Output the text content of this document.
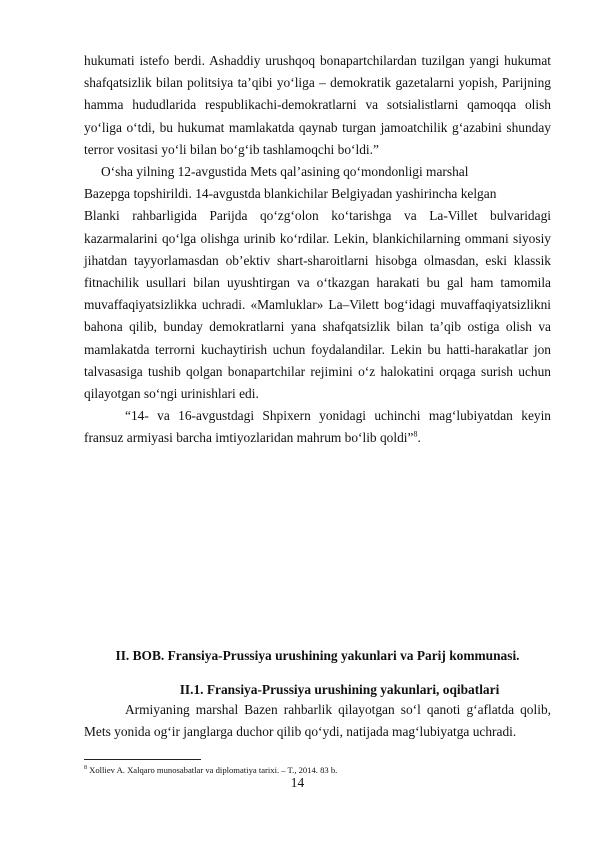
hukumati istefo berdi. Ashaddiy urushqoq bonapartchilardan tuzilgan yangi hukumat shafqatsizlik bilan politsiya ta’qibi yo‘liga – demokratik gazetalarni yopish, Parijning hamma hududlarida respublikachi-demokratlarni va sotsialistlarni qamoqqa olish yo‘liga o‘tdi, bu hukumat mamlakatda qaynab turgan jamoatchilik g‘azabini shunday terror vositasi yo‘li bilan bo‘g‘ib tashlamoqchi bo‘ldi.”

O‘sha yilning 12-avgustida Mets qal’asining qo‘mondonligi marshal

Bazepga topshirildi. 14-avgustda blankichilar Belgiyadan yashirincha kelgan

Blanki rahbarligida Parijda qo‘zg‘olon ko‘tarishga va La-Villet bulvaridagi kazarmalarini qo‘lga olishga urinib ko‘rdilar. Lekin, blankichilarning ommani siyosiy jihatdan tayyorlamasdan ob’ektiv shart-sharoitlarni hisobga olmasdan, eski klassik fitnachilik usullari bilan uyushtirgan va o‘tkazgan harakati bu gal ham tamomila muvaffaqiyatsizlikka uchradi. «Mamluklar» La–Vilett bog‘idagi muvaffaqiyatsizlikni bahona qilib, bunday demokratlarni yana shafqatsizlik bilan ta’qib ostiga olish va mamlakatda terrorni kuchaytirish uchun foydalandilar. Lekin bu hatti-harakatlar jon talvasasiga tushib qolgan bonapartchilar rejimini o‘z halokatini orqaga surish uchun qilayotgan so‘ngi urinishlari edi.

“14- va 16-avgustdagi Shpixern yonidagi uchinchi mag‘lubiyatdan keyin fransuz armiyasi barcha imtiyozlaridan mahrum bo‘lib qoldi”$^8$.

II. BOB. Fransiya-Prussiya urushining yakunlari va Parij kommunasi.
II.1. Fransiya-Prussiya urushining yakunlari, oqibatlari

Armiyaning marshal Bazen rahbarlik qilayotgan so‘l qanoti g‘aflatda qolib, Mets yonida og‘ir janglarga duchor qilib qo‘ydi, natijada mag‘lubiyatga uchradi.

$^8$ Xolliev A. Xalqaro munosabatlar va diplomatiya tarixi. – T., 2014. 83 b.
14
